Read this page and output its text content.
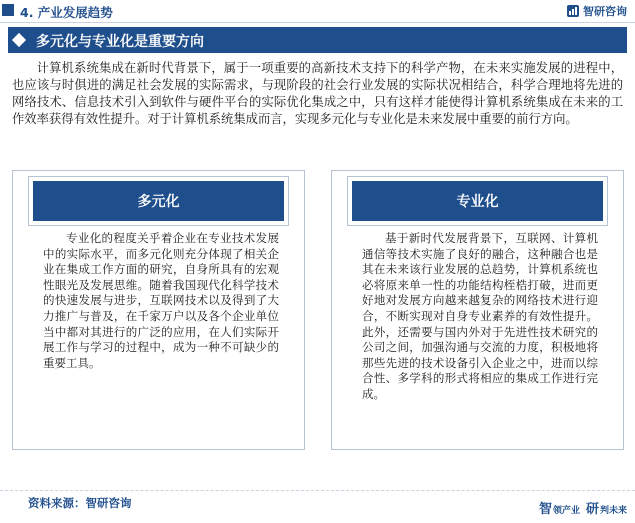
4. 产业发展趋势	智研咨询
多元化与专业化是重要方向

计算机系统集成在新时代背景下，属于一项重要的高新技术支持下的科学产物，在未来实施发展的进程中，也应该与时俱进的满足社会发展的实际需求，与现阶段的社会行业发展的实际状况相结合，科学合理地将先进的网络技术、信息技术引入到软件与硬件平台的实际优化集成之中，只有这样才能使得计算机系统集成在未来的工作效率获得有效性提升。对于计算机系统集成而言，实现多元化与专业化是未来发展中重要的前行方向。

多元化

专业化的程度关乎着企业在专业技术发展中的实际水平，而多元化则充分体现了相关企业在集成工作方面的研究，自身所具有的宏观性眼光及发展思维。随着我国现代化科学技术的快速发展与进步，互联网技术以及得到了大力推广与普及，在千家万户以及各个企业单位当中都对其进行的广泛的应用，在人们实际开展工作与学习的过程中，成为一种不可缺少的重要工具。

专业化

基于新时代发展背景下，互联网、计算机通信等技术实施了良好的融合，这种融合也是其在未来该行业发展的总趋势，计算机系统也必将原来单一性的功能结构桎梏打破，进而更好地对发展方向越来越复杂的网络技术进行迎合，不断实现对自身专业素养的有效性提升。此外，还需要与国内外对于先进性技术研究的公司之间，加强沟通与交流的力度，积极地将那些先进的技术设备引入企业之中，进而以综合性、多学科的形式将相应的集成工作进行完成。

资料来源：智研咨询	智 领产业 研 判未来
